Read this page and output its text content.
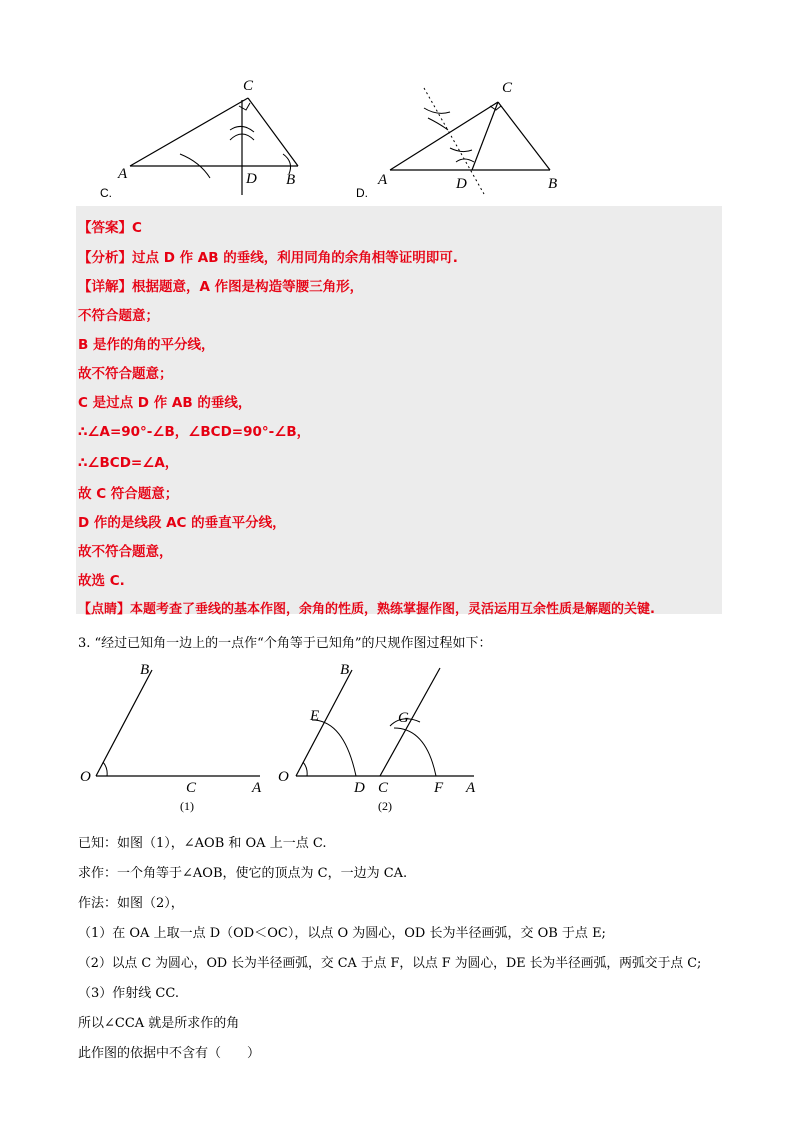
C
A	D B
C.
C
A	D	B
D.
【答案】C
【分析】过点 D 作 AB 的垂线，利用同角的余角相等证明即可.
【详解】根据题意，A 作图是构造等腰三角形，
不符合题意；
B 是作的角的平分线，
故不符合题意；
C 是过点 D 作 AB 的垂线，
∴∠A=90°-∠B，∠BCD=90°-∠B，
∴∠BCD=∠A，
故 C 符合题意；
D 作的是线段 AC 的垂直平分线，
故不符合题意，
故选 C.
【点睛】本题考查了垂线的基本作图，余角的性质，熟练掌握作图，灵活运用互余性质是解题的关键.
3. “经过已知角一边上的一点作“个角等于已知角”的尺规作图过程如下：
B
O
C	A
(1)
B
E	G
O
D C	F A
(2)
已知：如图（1），∠AOB 和 OA 上一点 C.
求作：一个角等于∠AOB，使它的顶点为 C，一边为 CA.
作法：如图（2），
（1）在 OA 上取一点 D（OD＜OC），以点 O 为圆心，OD 长为半径画弧，交 OB 于点 E;
（2）以点 C 为圆心，OD 长为半径画弧，交 CA 于点 F，以点 F 为圆心，DE 长为半径画弧，两弧交于点 C;
（3）作射线 CC.
所以∠CCA 就是所求作的角
此作图的依据中不含有（　　）
